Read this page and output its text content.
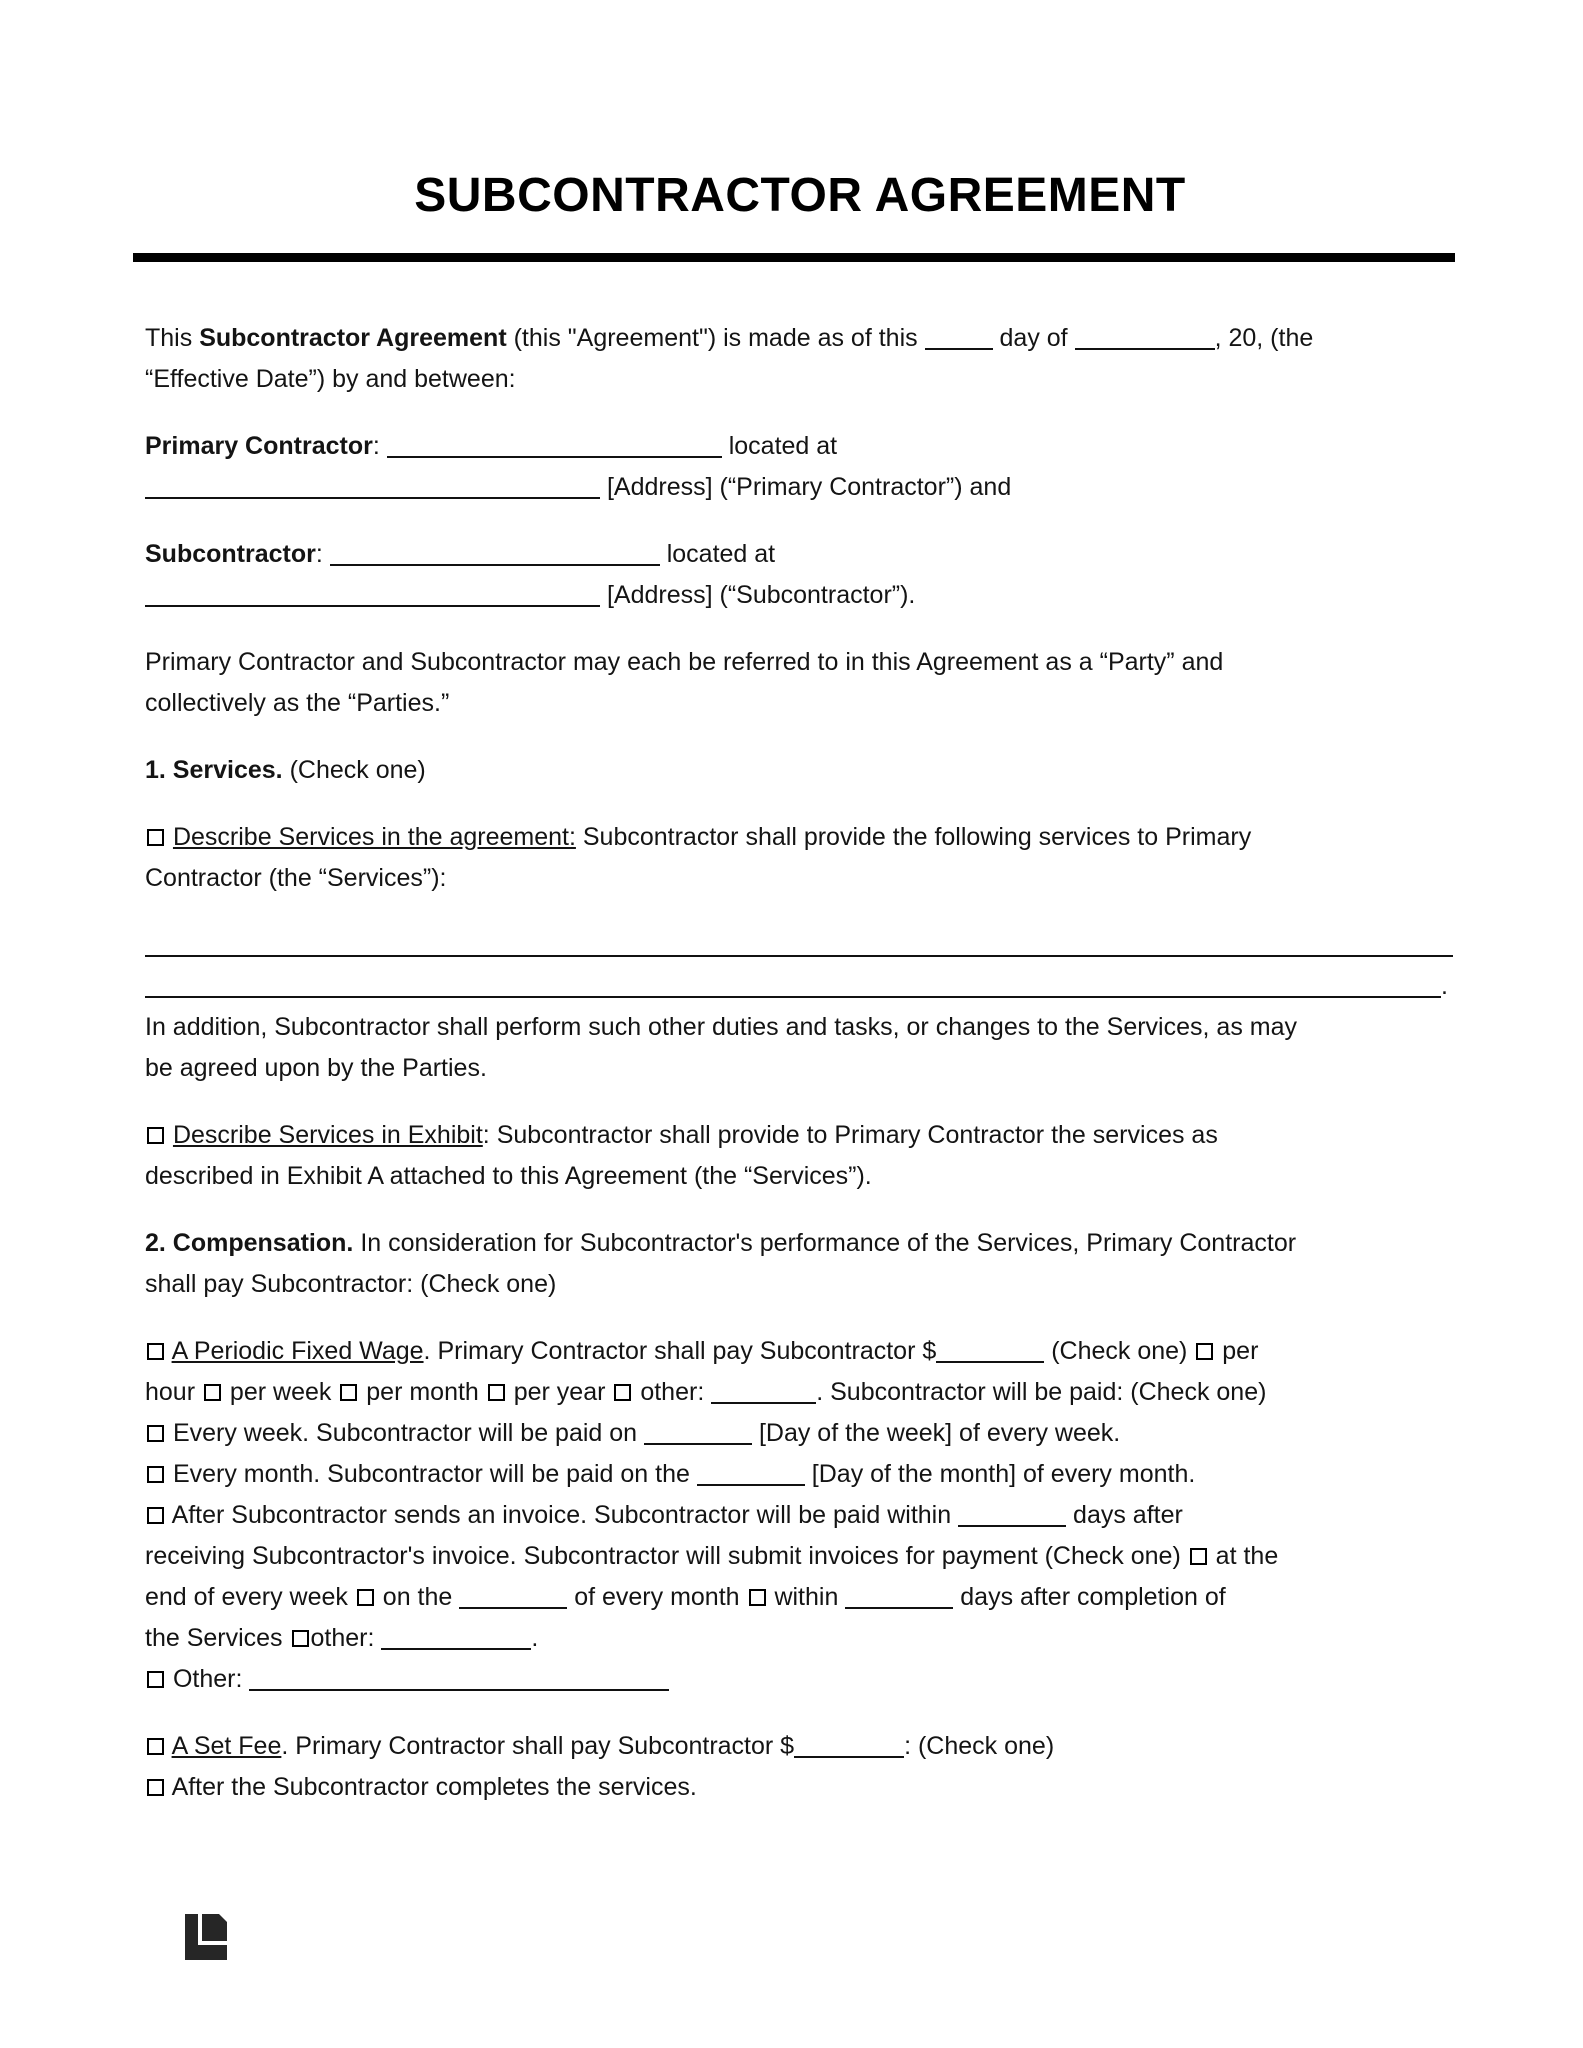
SUBCONTRACTOR AGREEMENT

This Subcontractor Agreement (this "Agreement") is made as of this	day of	, 20, (the
“Effective Date”) by and between:

Primary Contractor:	located at
[Address] (“Primary Contractor”) and

Subcontractor:	located at
[Address] (“Subcontractor”).

Primary Contractor and Subcontractor may each be referred to in this Agreement as a “Party” and
collectively as the “Parties.”

1. Services. (Check one)

Describe Services in the agreement: Subcontractor shall provide the following services to Primary
Contractor (the “Services”):

.
In addition, Subcontractor shall perform such other duties and tasks, or changes to the Services, as may
be agreed upon by the Parties.

Describe Services in Exhibit: Subcontractor shall provide to Primary Contractor the services as
described in Exhibit A attached to this Agreement (the “Services”).

2. Compensation. In consideration for Subcontractor's performance of the Services, Primary Contractor
shall pay Subcontractor: (Check one)

A Periodic Fixed Wage. Primary Contractor shall pay Subcontractor $	(Check one)  per
hour  per week  per month  per year  other:	. Subcontractor will be paid: (Check one)
Every week. Subcontractor will be paid on	[Day of the week] of every week.
Every month. Subcontractor will be paid on the	[Day of the month] of every month.
After Subcontractor sends an invoice. Subcontractor will be paid within	days after
receiving Subcontractor's invoice. Subcontractor will submit invoices for payment (Check one)  at the
end of every week  on the	of every month  within	days after completion of
the Services other:	.
Other:

A Set Fee. Primary Contractor shall pay Subcontractor $	: (Check one)
After the Subcontractor completes the services.
